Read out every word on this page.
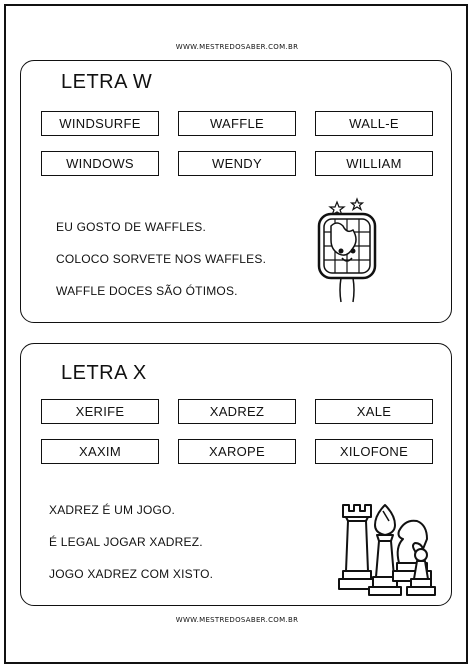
WWW.MESTREDOSABER.COM.BR
LETRA W
WINDSURFE	WAFFLE	WALL-E
WINDOWS	WENDY	WILLIAM
EU GOSTO DE WAFFLES.
COLOCO SORVETE NOS WAFFLES.
WAFFLE DOCES SÃO ÓTIMOS.
LETRA X
XERIFE	XADREZ	XALE
XAXIM	XAROPE	XILOFONE
XADREZ É UM JOGO.
É LEGAL JOGAR XADREZ.
JOGO XADREZ COM XISTO.
WWW.MESTREDOSABER.COM.BR
